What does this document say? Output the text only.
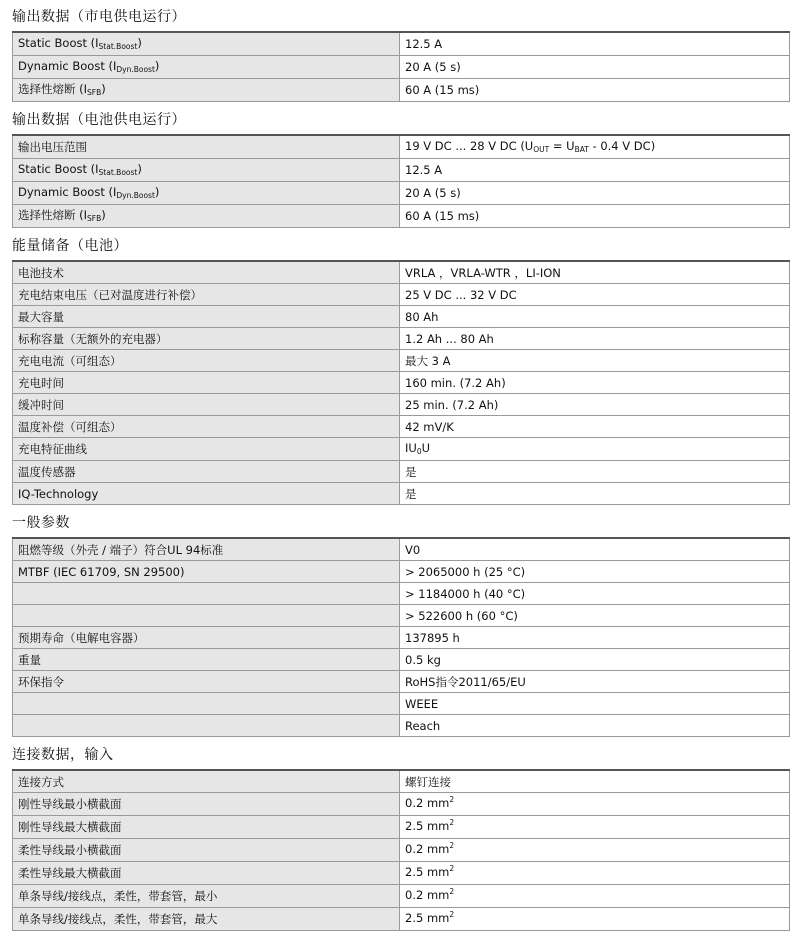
输出数据（市电供电运行）
Static Boost (IStat.Boost)	12.5 A
Dynamic Boost (IDyn.Boost)	20 A (5 s)
选择性熔断 (ISFB)	60 A (15 ms)
输出数据（电池供电运行）
输出电压范围	19 V DC ... 28 V DC (UOUT = UBAT - 0.4 V DC)
Static Boost (IStat.Boost)	12.5 A
Dynamic Boost (IDyn.Boost)	20 A (5 s)
选择性熔断 (ISFB)	60 A (15 ms)
能量储备（电池）
电池技术	VRLA ，VRLA-WTR ，LI-ION
充电结束电压（已对温度进行补偿）	25 V DC ... 32 V DC
最大容量	80 Ah
标称容量（无额外的充电器）	1.2 Ah ... 80 Ah
充电电流（可组态）	最大 3 A
充电时间	160 min. (7.2 Ah)
缓冲时间	25 min. (7.2 Ah)
温度补偿（可组态）	42 mV/K
充电特征曲线	IU0U
温度传感器	是
IQ-Technology	是
一般参数
阻燃等级（外壳 / 端子）符合UL 94标准	V0
MTBF (IEC 61709, SN 29500)	> 2065000 h (25 °C)
	> 1184000 h (40 °C)
	> 522600 h (60 °C)
预期寿命（电解电容器）	137895 h
重量	0.5 kg
环保指令	RoHS指令2011/65/EU
	WEEE
	Reach
连接数据，输入
连接方式	螺钉连接
刚性导线最小横截面	0.2 $mm^2$
刚性导线最大横截面	2.5 $mm^2$
柔性导线最小横截面	0.2 $mm^2$
柔性导线最大横截面	2.5 $mm^2$
单条导线/接线点，柔性，带套管，最小	0.2 $mm^2$
单条导线/接线点，柔性，带套管，最大	2.5 $mm^2$
